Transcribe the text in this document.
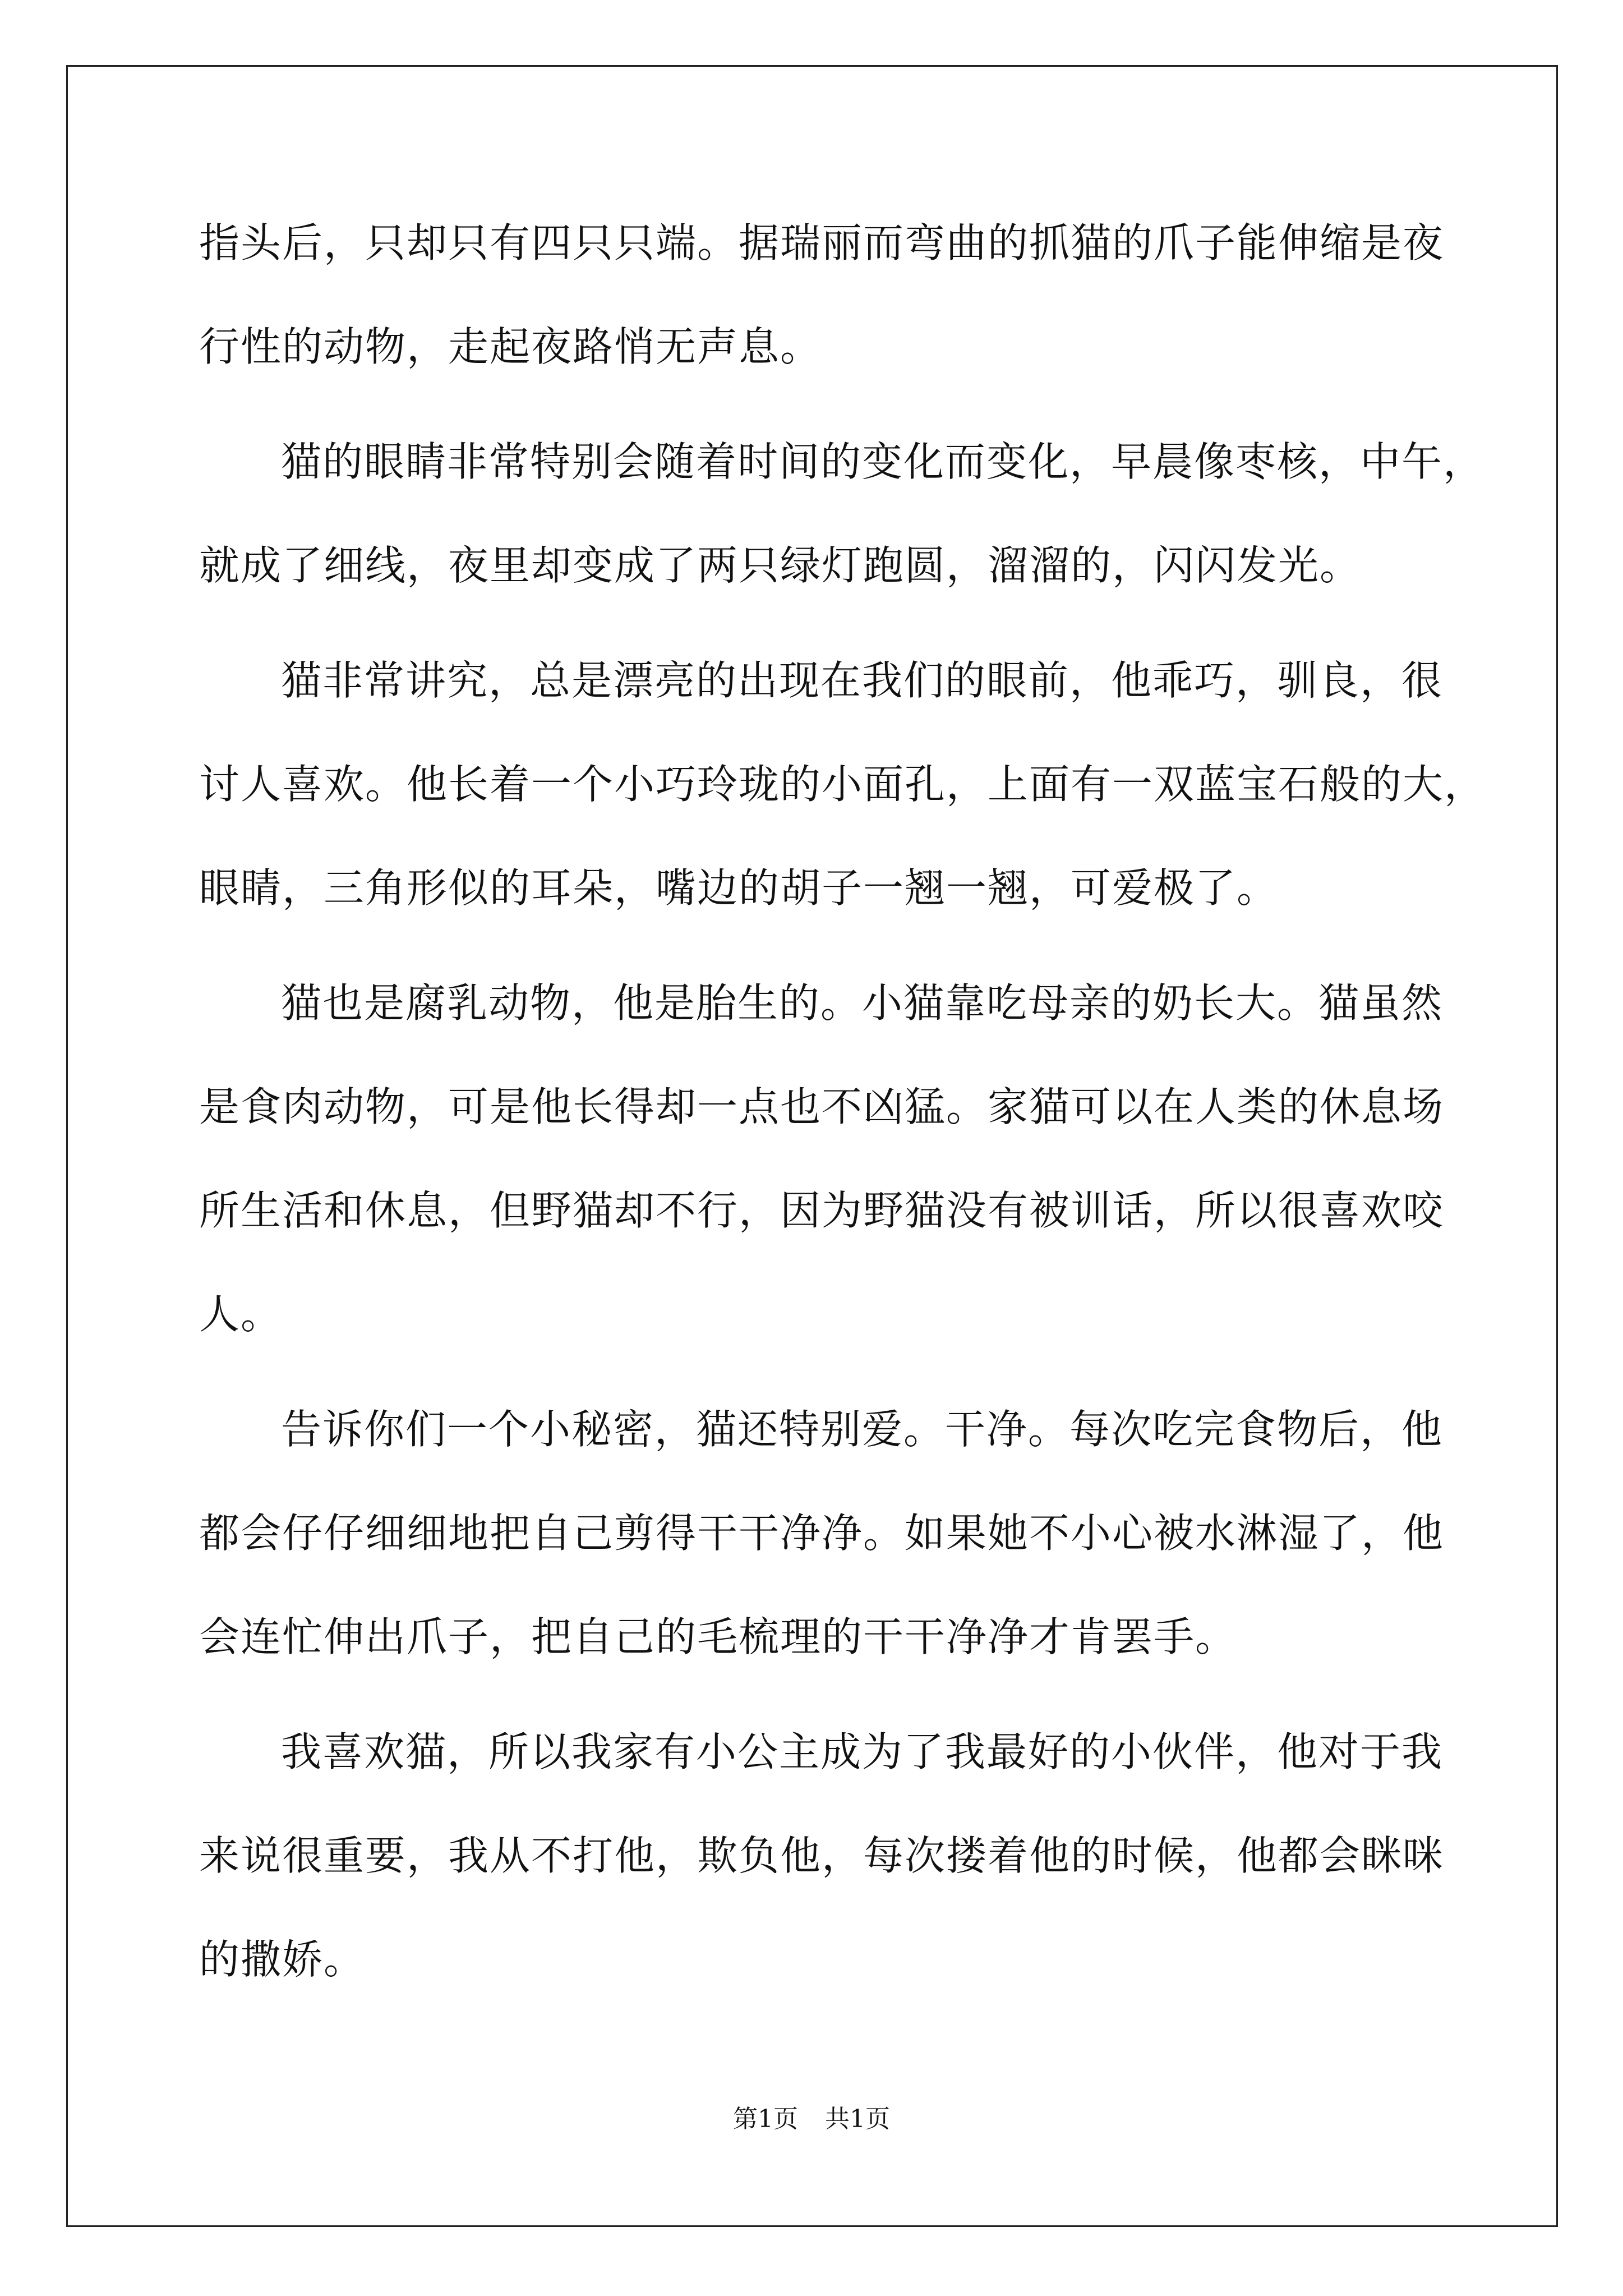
指头后，只却只有四只只端。据瑞丽而弯曲的抓猫的爪子能伸缩是夜

行性的动物，走起夜路悄无声息。

猫的眼睛非常特别会随着时间的变化而变化，早晨像枣核，中午，

就成了细线，夜里却变成了两只绿灯跑圆，溜溜的，闪闪发光。

猫非常讲究，总是漂亮的出现在我们的眼前，他乖巧，驯良，很

讨人喜欢。他长着一个小巧玲珑的小面孔，上面有一双蓝宝石般的大，

眼睛，三角形似的耳朵，嘴边的胡子一翘一翘，可爱极了。

猫也是腐乳动物，他是胎生的。小猫靠吃母亲的奶长大。猫虽然

是食肉动物，可是他长得却一点也不凶猛。家猫可以在人类的休息场

所生活和休息，但野猫却不行，因为野猫没有被训话，所以很喜欢咬

人。

告诉你们一个小秘密，猫还特别爱。干净。每次吃完食物后，他

都会仔仔细细地把自己剪得干干净净。如果她不小心被水淋湿了，他

会连忙伸出爪子，把自己的毛梳理的干干净净才肯罢手。

我喜欢猫，所以我家有小公主成为了我最好的小伙伴，他对于我

来说很重要，我从不打他，欺负他，每次搂着他的时候，他都会眯咪

的撒娇。

第1页 共1页
